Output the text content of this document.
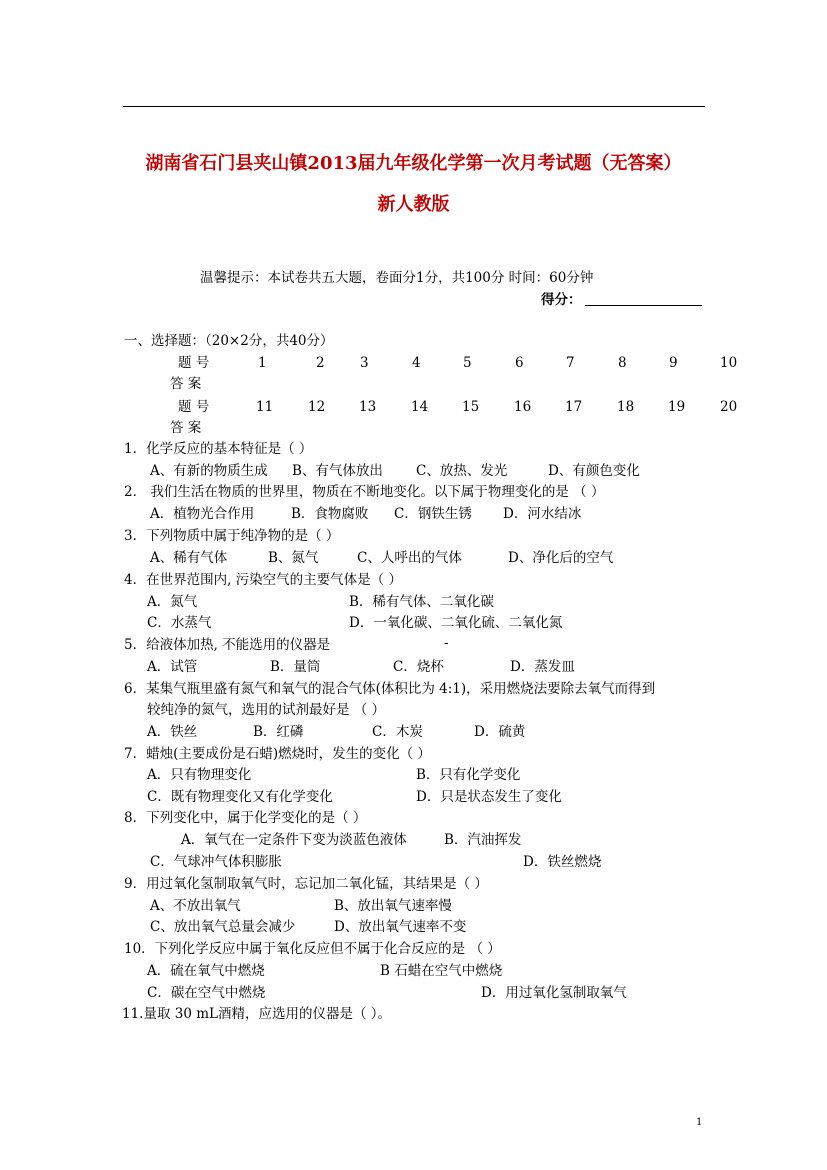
湖南省石门县夹山镇2013届九年级化学第一次月考试题（无答案）
新人教版
温馨提示：本试卷共五大题，卷面分1分，共100分 时间：60分钟
得分：
一、选择题：（20×2分，共40分）
题 号	1	2	3	4	5	6	7	8	9	10
答 案
题 号	11	12	13	14	15	16	17	18	19	20
答 案
1．化学反应的基本特征是（ ）
A、有新的物质生成 B、有气体放出 C、放热、发光	D、有颜色变化
2． 我们生活在物质的世界里，物质在不断地变化。以下属于物理变化的是 （ ）
A．植物光合作用	B．食物腐败 C．钢铁生锈 D．河水结冰
3．下列物质中属于纯净物的是（ ）
A、稀有气体	B、氮气	C、人呼出的气体	D、净化后的空气
4．在世界范围内, 污染空气的主要气体是（ ）
A．氮气	B．稀有气体、二氧化碳
C．水蒸气	D．一氧化碳、二氧化硫、二氧化氮
5．给液体加热, 不能选用的仪器是	-
A．试管	B．量筒	C．烧杯	D．蒸发皿
6．某集气瓶里盛有氮气和氧气的混合气体(体积比为 4:1)，采用燃烧法要除去氧气而得到
较纯净的氮气，选用的试剂最好是 （ ）
A．铁丝	B．红磷	C．木炭	D．硫黄
7．蜡烛(主要成份是石蜡)燃烧时，发生的变化（ ）
A．只有物理变化	B．只有化学变化
C．既有物理变化又有化学变化	D．只是状态发生了变化
8．下列变化中，属于化学变化的是（ ）
A．氧气在一定条件下变为淡蓝色液体	B．汽油挥发
C．气球冲气体积膨胀	D．铁丝燃烧
9．用过氧化氢制取氧气时，忘记加二氧化锰，其结果是（ ）
A、不放出氧气	B、放出氧气速率慢
C、放出氧气总量会减少	D、放出氧气速率不变
10．下列化学反应中属于氧化反应但不属于化合反应的是 （ ）
A．硫在氧气中燃烧	B 石蜡在空气中燃烧
C．碳在空气中燃烧	D．用过氧化氢制取氧气
11.量取 30 mL酒精，应选用的仪器是（ ）。
1
